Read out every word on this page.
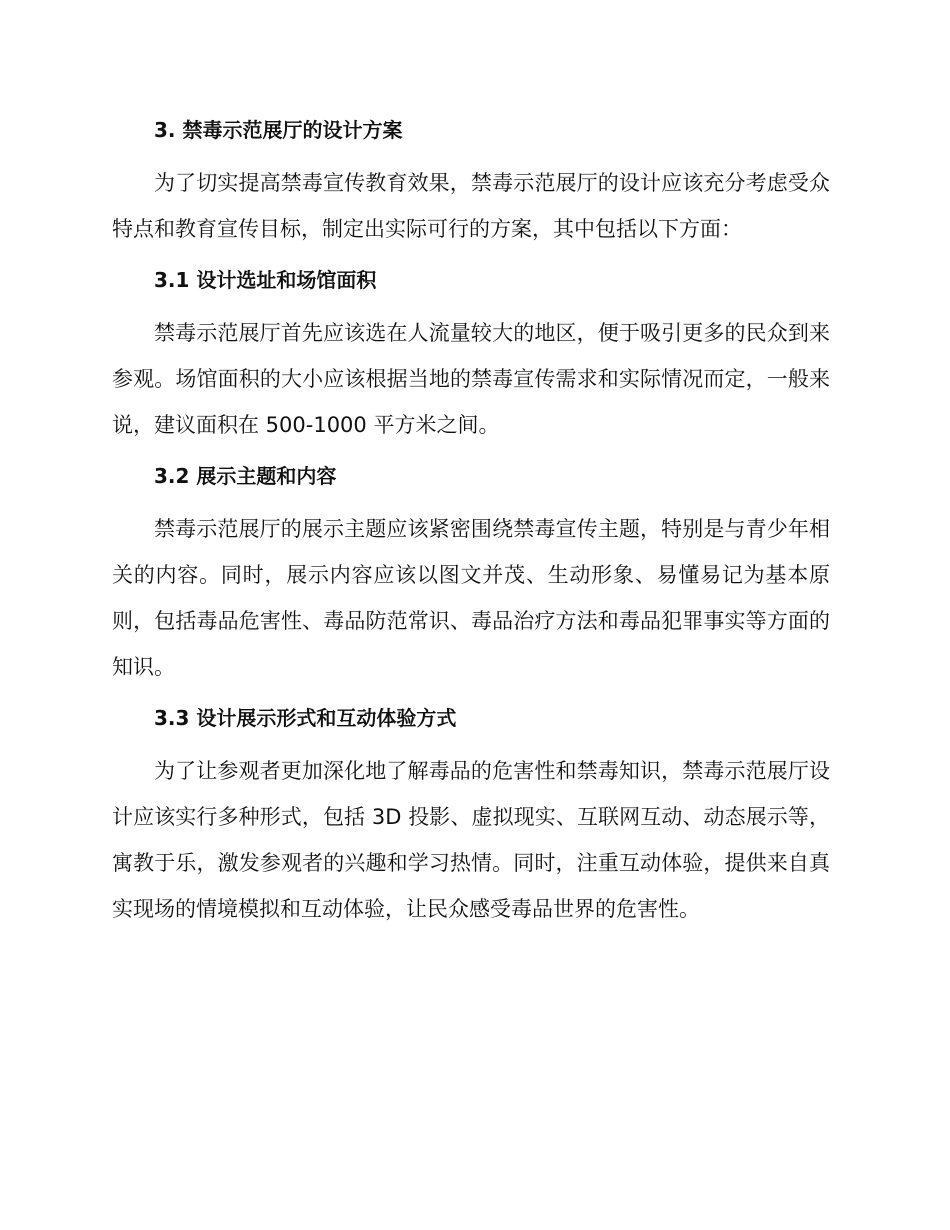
3. 禁毒示范展厅的设计方案

为了切实提高禁毒宣传教育效果，禁毒示范展厅的设计应该充分考虑受众特点和教育宣传目标，制定出实际可行的方案，其中包括以下方面：

3.1 设计选址和场馆面积

禁毒示范展厅首先应该选在人流量较大的地区，便于吸引更多的民众到来参观。场馆面积的大小应该根据当地的禁毒宣传需求和实际情况而定，一般来说，建议面积在 500-1000 平方米之间。

3.2 展示主题和内容

禁毒示范展厅的展示主题应该紧密围绕禁毒宣传主题，特别是与青少年相关的内容。同时，展示内容应该以图文并茂、生动形象、易懂易记为基本原则，包括毒品危害性、毒品防范常识、毒品治疗方法和毒品犯罪事实等方面的知识。

3.3 设计展示形式和互动体验方式

为了让参观者更加深化地了解毒品的危害性和禁毒知识，禁毒示范展厅设计应该实行多种形式，包括 3D 投影、虚拟现实、互联网互动、动态展示等，寓教于乐，激发参观者的兴趣和学习热情。同时，注重互动体验，提供来自真实现场的情境模拟和互动体验，让民众感受毒品世界的危害性。
